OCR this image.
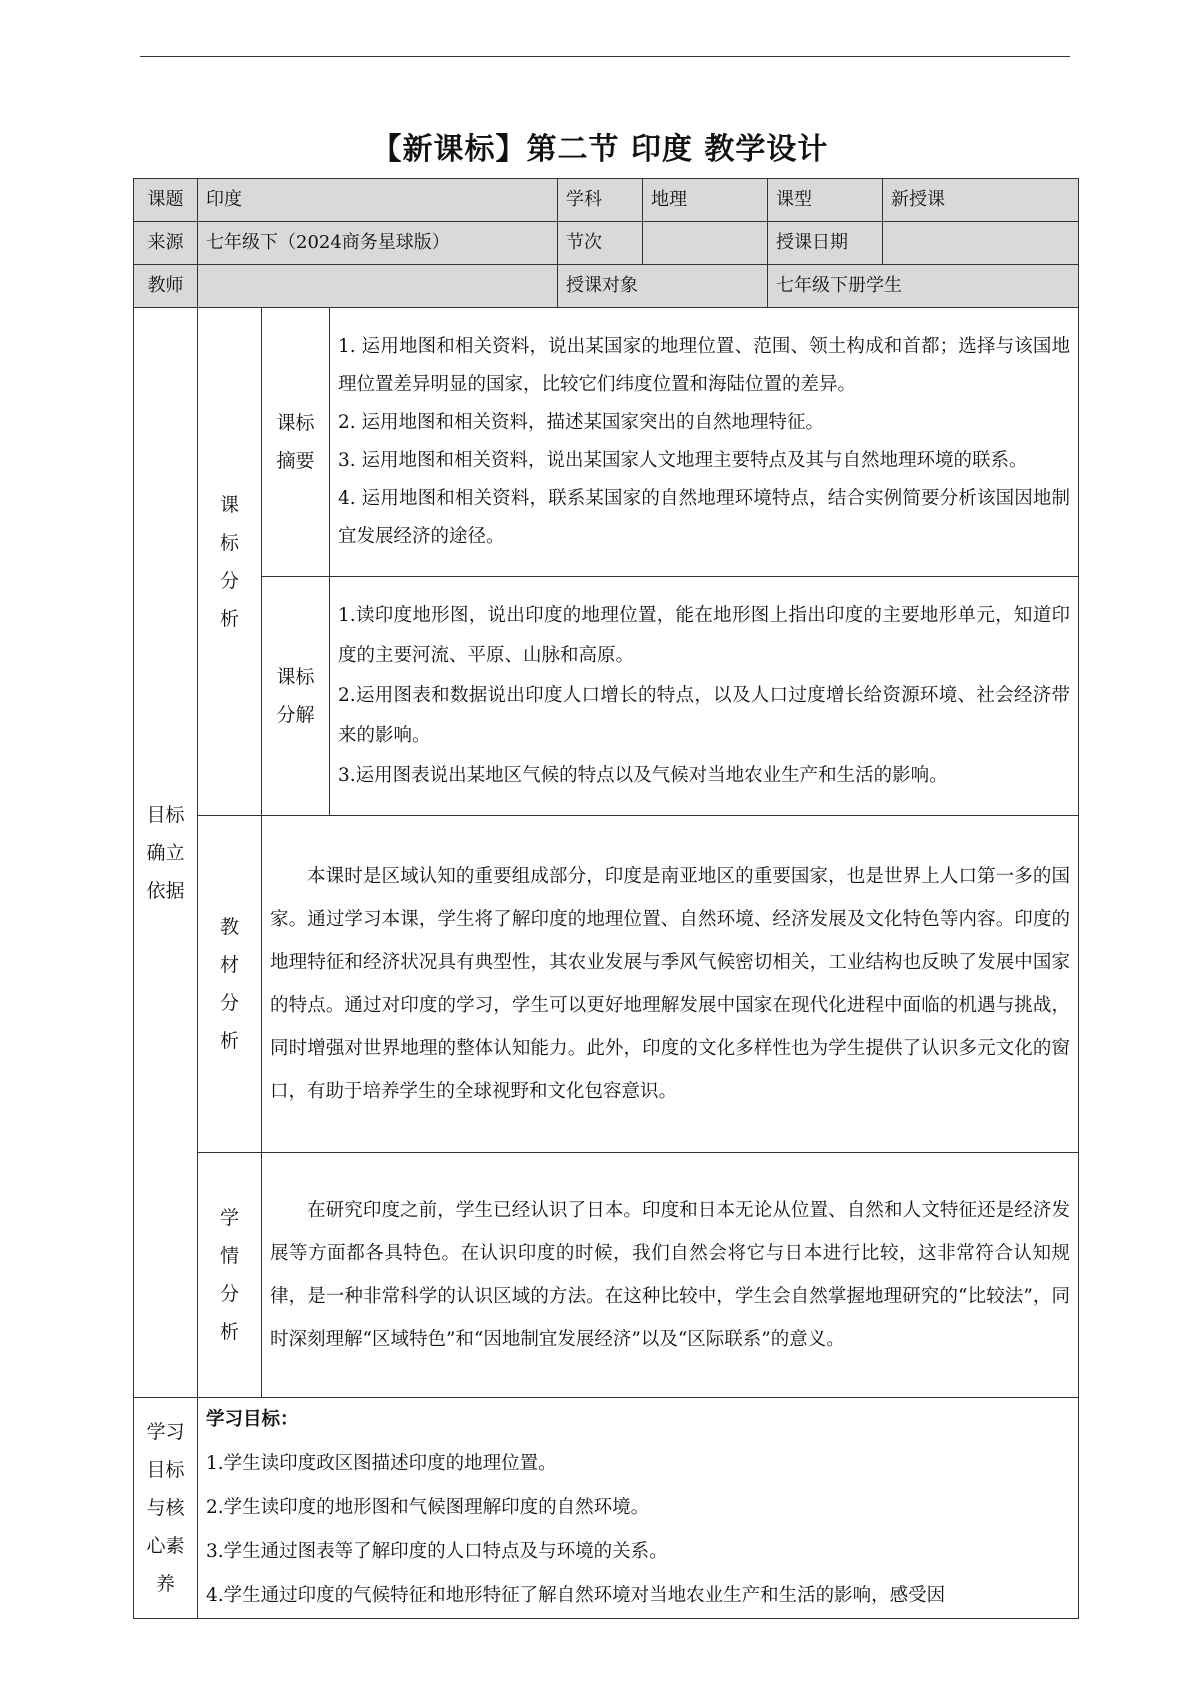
【新课标】第二节 印度 教学设计
课题	印度			学科	地理	课型	新授课
来源	七年级下（2024商务星球版）			节次		授课日期	
教师				授课对象		七年级下册学生	

目标确立依据	课标分析	课标摘要	1. 运用地图和相关资料，说出某国家的地理位置、范围、领土构成和首都；选择与该国地理位置差异明显的国家，比较它们纬度位置和海陆位置的差异。

2. 运用地图和相关资料，描述某国家突出的自然地理特征。

3. 运用地图和相关资料，说出某国家人文地理主要特点及其与自然地理环境的联系。

4. 运用地图和相关资料，联系某国家的自然地理环境特点，结合实例简要分析该国因地制宜发展经济的途径。				

		课标分解	1.读印度地形图，说出印度的地理位置，能在地形图上指出印度的主要地形单元，知道印度的主要河流、平原、山脉和高原。

2.运用图表和数据说出印度人口增长的特点，以及人口过度增长给资源环境、社会经济带来的影响。

3.运用图表说出某地区气候的特点以及气候对当地农业生产和生活的影响。				

	教材分析	本课时是区域认知的重要组成部分，印度是南亚地区的重要国家，也是世界上人口第一多的国家。通过学习本课，学生将了解印度的地理位置、自然环境、经济发展及文化特色等内容。印度的地理特征和经济状况具有典型性，其农业发展与季风气候密切相关，工业结构也反映了发展中国家的特点。通过对印度的学习，学生可以更好地理解发展中国家在现代化进程中面临的机遇与挑战，同时增强对世界地理的整体认知能力。此外，印度的文化多样性也为学生提供了认识多元文化的窗口，有助于培养学生的全球视野和文化包容意识。					

	学情分析	在研究印度之前，学生已经认识了日本。印度和日本无论从位置、自然和人文特征还是经济发展等方面都各具特色。在认识印度的时候，我们自然会将它与日本进行比较，这非常符合认知规律，是一种非常科学的认识区域的方法。在这种比较中，学生会自然掌握地理研究的“比较法”，同时深刻理解“区域特色”和“因地制宜发展经济”以及“区际联系”的意义。					

学习目标与核心素养	学习目标：

1.学生读印度政区图描述印度的地理位置。

2.学生读印度的地形图和气候图理解印度的自然环境。

3.学生通过图表等了解印度的人口特点及与环境的关系。

4.学生通过印度的气候特征和地形特征了解自然环境对当地农业生产和生活的影响，感受因						
